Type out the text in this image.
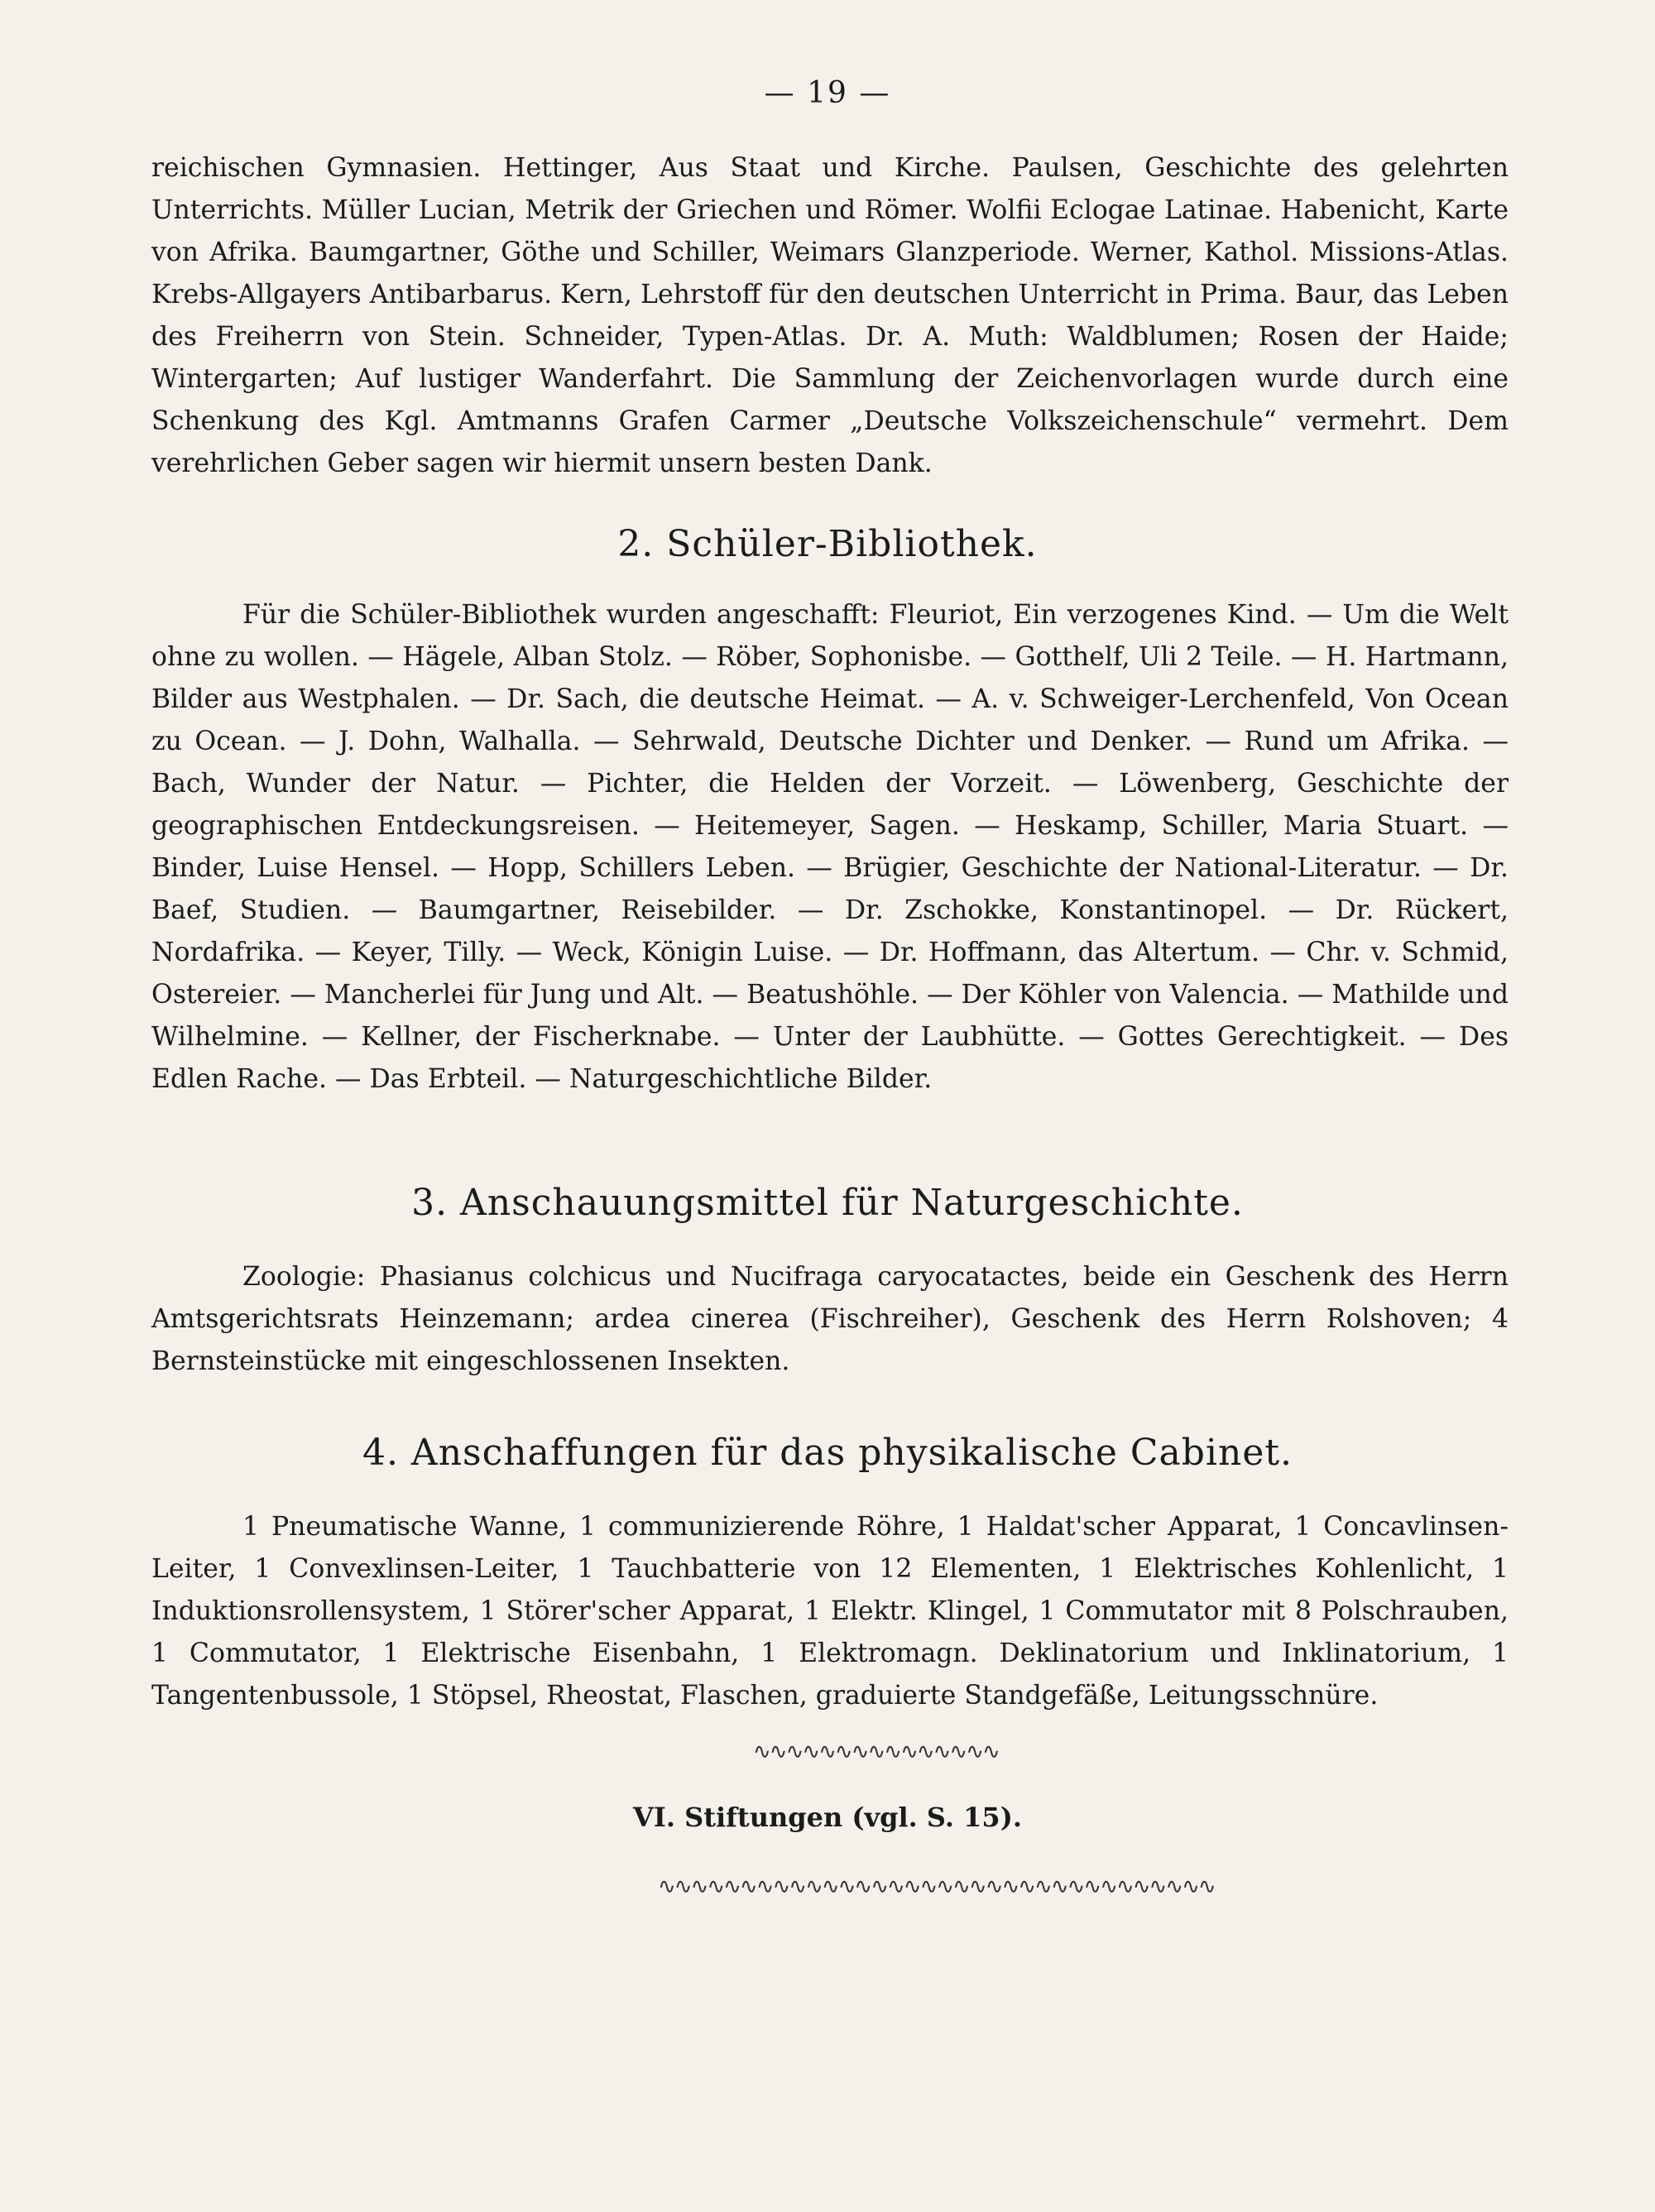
— 19 —

reichischen Gymnasien. Hettinger, Aus Staat und Kirche. Paulsen, Geschichte des gelehrten Unterrichts. Müller Lucian, Metrik der Griechen und Römer. Wolfii Eclogae Latinae. Habenicht, Karte von Afrika. Baumgartner, Göthe und Schiller, Weimars Glanzperiode. Werner, Kathol. Missions-Atlas. Krebs-Allgayers Antibarbarus. Kern, Lehrstoff für den deutschen Unterricht in Prima. Baur, das Leben des Freiherrn von Stein. Schneider, Typen-Atlas. Dr. A. Muth: Waldblumen; Rosen der Haide; Wintergarten; Auf lustiger Wanderfahrt. Die Sammlung der Zeichenvorlagen wurde durch eine Schenkung des Kgl. Amtmanns Grafen Carmer „Deutsche Volkszeichenschule“ vermehrt. Dem verehrlichen Geber sagen wir hiermit unsern besten Dank.

2. Schüler-Bibliothek.

Für die Schüler-Bibliothek wurden angeschafft: Fleuriot, Ein verzogenes Kind. — Um die Welt ohne zu wollen. — Hägele, Alban Stolz. — Röber, Sophonisbe. — Gotthelf, Uli 2 Teile. — H. Hartmann, Bilder aus Westphalen. — Dr. Sach, die deutsche Heimat. — A. v. Schweiger-Lerchenfeld, Von Ocean zu Ocean. — J. Dohn, Walhalla. — Sehrwald, Deutsche Dichter und Denker. — Rund um Afrika. — Bach, Wunder der Natur. — Pichter, die Helden der Vorzeit. — Löwenberg, Geschichte der geographischen Entdeckungsreisen. — Heitemeyer, Sagen. — Heskamp, Schiller, Maria Stuart. — Binder, Luise Hensel. — Hopp, Schillers Leben. — Brügier, Geschichte der National-Literatur. — Dr. Baef, Studien. — Baumgartner, Reisebilder. — Dr. Zschokke, Konstantinopel. — Dr. Rückert, Nordafrika. — Keyer, Tilly. — Weck, Königin Luise. — Dr. Hoffmann, das Altertum. — Chr. v. Schmid, Ostereier. — Mancherlei für Jung und Alt. — Beatushöhle. — Der Köhler von Valencia. — Mathilde und Wilhelmine. — Kellner, der Fischerknabe. — Unter der Laubhütte. — Gottes Gerechtigkeit. — Des Edlen Rache. — Das Erbteil. — Naturgeschichtliche Bilder.

3. Anschauungsmittel für Naturgeschichte.

Zoologie: Phasianus colchicus und Nucifraga caryocatactes, beide ein Geschenk des Herrn Amtsgerichtsrats Heinzemann; ardea cinerea (Fischreiher), Geschenk des Herrn Rolshoven; 4 Bernsteinstücke mit eingeschlossenen Insekten.

4. Anschaffungen für das physikalische Cabinet.

1 Pneumatische Wanne, 1 communizierende Röhre, 1 Haldat'scher Apparat, 1 Concavlinsen-Leiter, 1 Convexlinsen-Leiter, 1 Tauchbatterie von 12 Elementen, 1 Elektrisches Kohlenlicht, 1 Induktionsrollensystem, 1 Störer'scher Apparat, 1 Elektr. Klingel, 1 Commutator mit 8 Polschrauben, 1 Commutator, 1 Elektrische Eisenbahn, 1 Elektromagn. Deklinatorium und Inklinatorium, 1 Tangentenbussole, 1 Stöpsel, Rheostat, Flaschen, graduierte Standgefäße, Leitungsschnüre.

∿∿∿∿∿∿∿∿∿∿∿∿∿∿∿
VI. Stiftungen (vgl. S. 15).
∿∿∿∿∿∿∿∿∿∿∿∿∿∿∿∿∿∿∿∿∿∿∿∿∿∿∿∿∿∿∿∿∿∿
